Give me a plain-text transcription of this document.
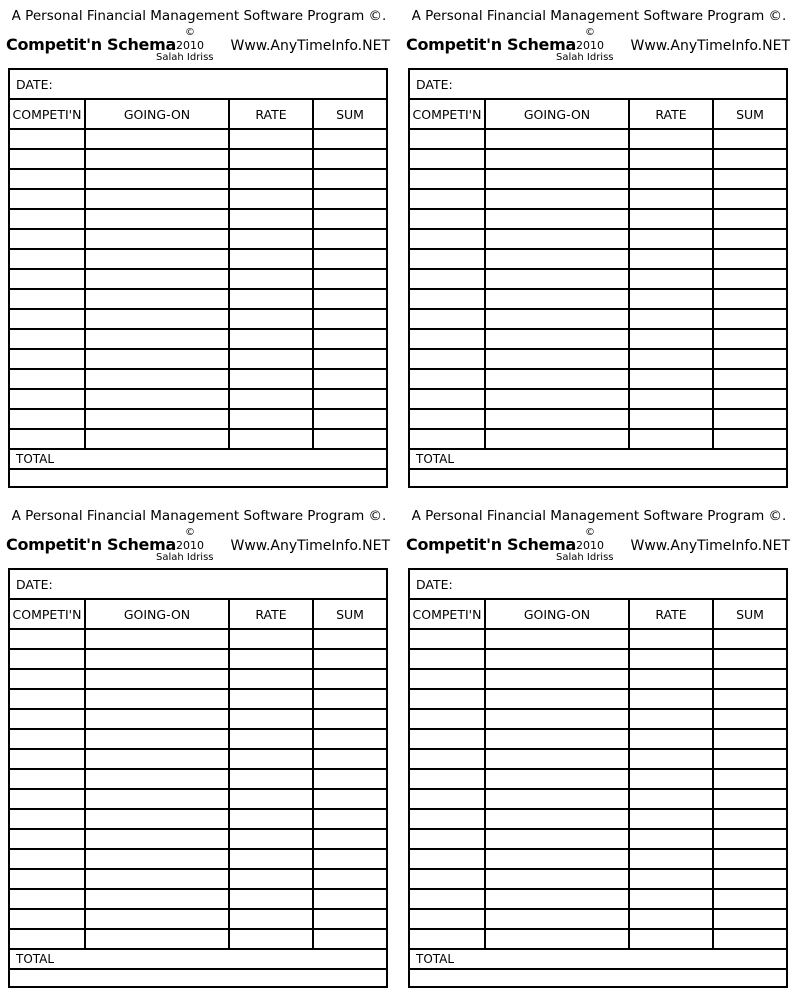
A Personal Financial Management Software Program ©.
Competit'n Schema
©
2010
Salah Idriss
Www.AnyTimeInfo.NET
DATE:
COMPETI'N	GOING-ON	RATE	SUM
TOTAL
A Personal Financial Management Software Program ©.
Competit'n Schema
©
2010
Salah Idriss
Www.AnyTimeInfo.NET
DATE:
COMPETI'N	GOING-ON	RATE	SUM
TOTAL
A Personal Financial Management Software Program ©.
Competit'n Schema
©
2010
Salah Idriss
Www.AnyTimeInfo.NET
DATE:
COMPETI'N	GOING-ON	RATE	SUM
TOTAL
A Personal Financial Management Software Program ©.
Competit'n Schema
©
2010
Salah Idriss
Www.AnyTimeInfo.NET
DATE:
COMPETI'N	GOING-ON	RATE	SUM
TOTAL
